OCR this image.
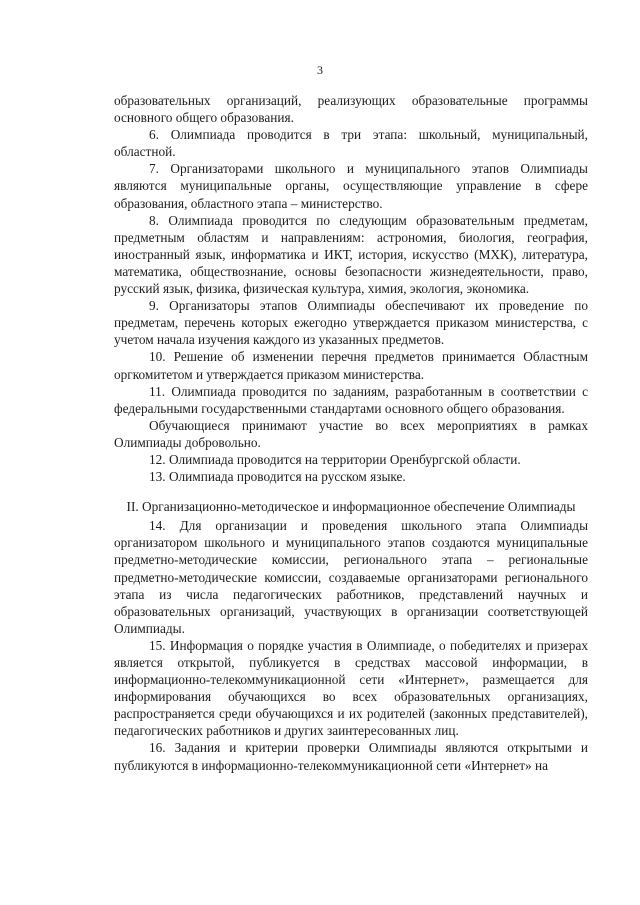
3

образовательных организаций, реализующих образовательные программы основного общего образования.

6. Олимпиада проводится в три этапа: школьный, муниципальный, областной.

7. Организаторами школьного и муниципального этапов Олимпиады являются муниципальные органы, осуществляющие управление в сфере образования, областного этапа – министерство.

8. Олимпиада проводится по следующим образовательным предметам, предметным областям и направлениям: астрономия, биология, география, иностранный язык, информатика и ИКТ, история, искусство (МХК), литература, математика, обществознание, основы безопасности жизнедеятельности, право, русский язык, физика, физическая культура, химия, экология, экономика.

9. Организаторы этапов Олимпиады обеспечивают их проведение по предметам, перечень которых ежегодно утверждается приказом министерства, с учетом начала изучения каждого из указанных предметов.

10. Решение об изменении перечня предметов принимается Областным оргкомитетом и утверждается приказом министерства.

11. Олимпиада проводится по заданиям, разработанным в соответствии с федеральными государственными стандартами основного общего образования.

Обучающиеся принимают участие во всех мероприятиях в рамках Олимпиады добровольно.

12. Олимпиада проводится на территории Оренбургской области.

13. Олимпиада проводится на русском языке.

II. Организационно-методическое и информационное обеспечение Олимпиады

14. Для организации и проведения школьного этапа Олимпиады организатором школьного и муниципального этапов создаются муниципальные предметно-методические комиссии, регионального этапа – региональные предметно-методические комиссии, создаваемые организаторами регионального этапа из числа педагогических работников, представлений научных и образовательных организаций, участвующих в организации соответствующей Олимпиады.

15. Информация о порядке участия в Олимпиаде, о победителях и призерах является открытой, публикуется в средствах массовой информации, в информационно-телекоммуникационной сети «Интернет», размещается для информирования обучающихся во всех образовательных организациях, распространяется среди обучающихся и их родителей (законных представителей), педагогических работников и других заинтересованных лиц.

16. Задания и критерии проверки Олимпиады являются открытыми и публикуются в информационно-телекоммуникационной сети «Интернет» на
